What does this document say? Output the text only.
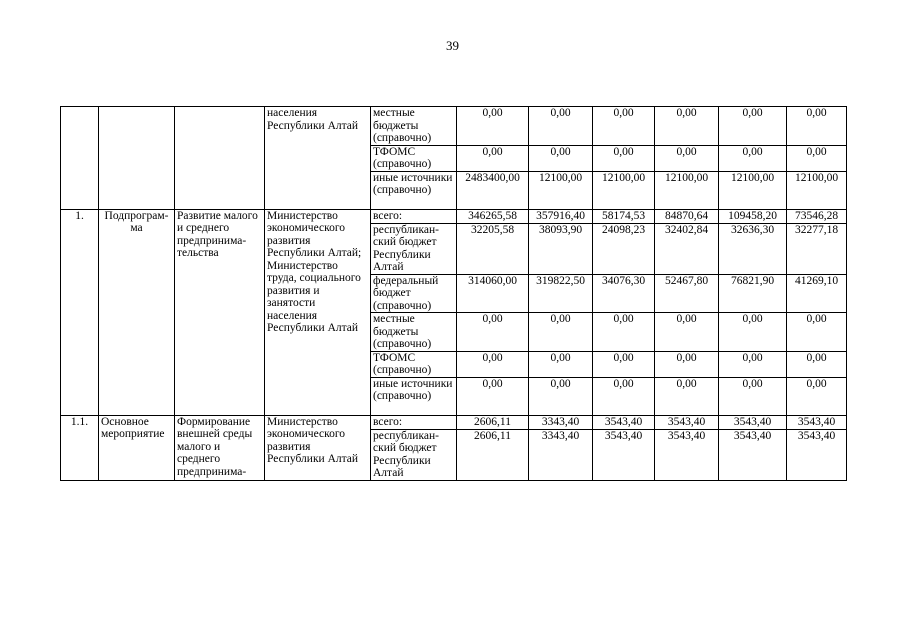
39
			населения Республики Алтай	местные бюджеты (справочно)	0,00	0,00	0,00	0,00	0,00	0,00
				ТФОМС (справочно)	0,00	0,00	0,00	0,00	0,00	0,00
				иные источники (справочно)	2483400,00	12100,00	12100,00	12100,00	12100,00	12100,00
1.	Подпрограм-ма	Развитие малого и среднего предпринима-тельства	Министерство экономического развития Республики Алтай; Министерство труда, социального развития и занятости населения Республики Алтай	всего:	346265,58	357916,40	58174,53	84870,64	109458,20	73546,28
				республикан-ский бюджет Республики Алтай	32205,58	38093,90	24098,23	32402,84	32636,30	32277,18
				федеральный бюджет (справочно)	314060,00	319822,50	34076,30	52467,80	76821,90	41269,10
				местные бюджеты (справочно)	0,00	0,00	0,00	0,00	0,00	0,00
				ТФОМС (справочно)	0,00	0,00	0,00	0,00	0,00	0,00
				иные источники (справочно)	0,00	0,00	0,00	0,00	0,00	0,00
1.1.	Основное мероприятие	Формирование внешней среды малого и среднего предпринима-	Министерство экономического развития Республики Алтай	всего:	2606,11	3343,40	3543,40	3543,40	3543,40	3543,40
				республикан-ский бюджет Республики Алтай	2606,11	3343,40	3543,40	3543,40	3543,40	3543,40
